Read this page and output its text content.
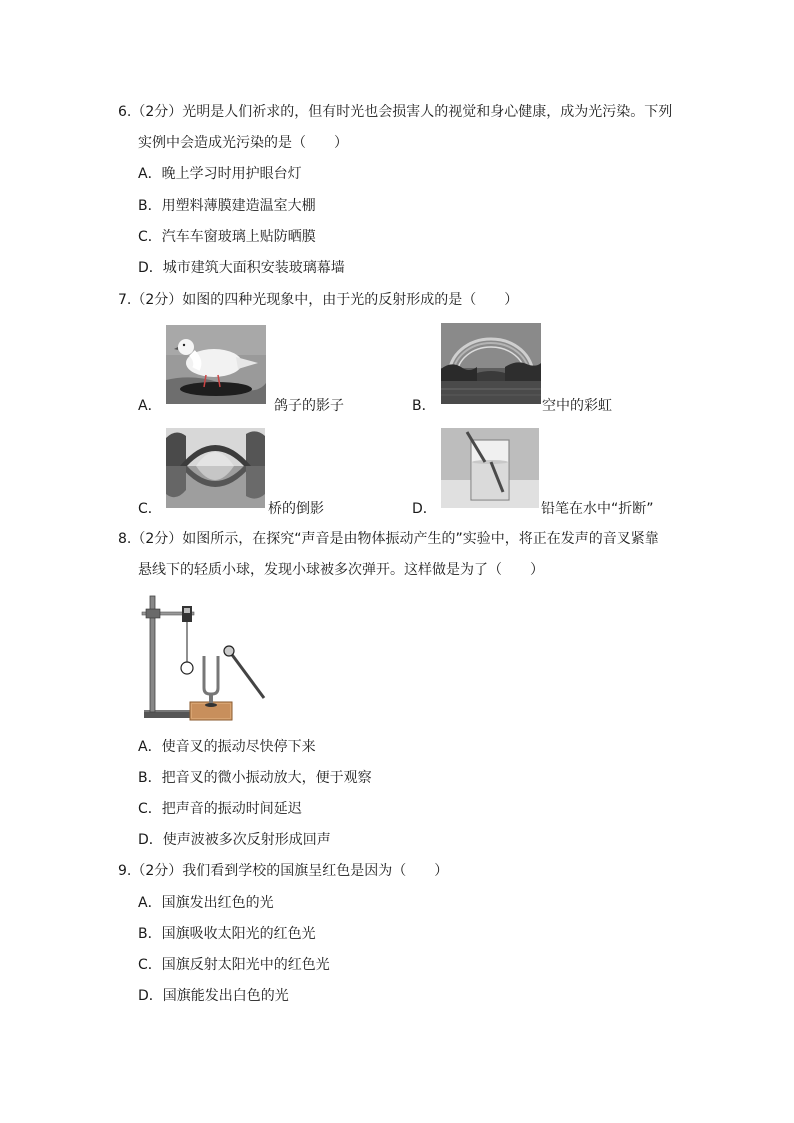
6.（2分）光明是人们祈求的，但有时光也会损害人的视觉和身心健康，成为光污染。下列
实例中会造成光污染的是（　　）
A．晚上学习时用护眼台灯
B．用塑料薄膜建造温室大棚
C．汽车车窗玻璃上贴防晒膜
D．城市建筑大面积安装玻璃幕墙
7.（2分）如图的四种光现象中，由于光的反射形成的是（　　）
A．	鸽子的影子	B．	空中的彩虹
C．	桥的倒影	D．	铅笔在水中“折断”
8.（2分）如图所示，在探究“声音是由物体振动产生的”实验中，将正在发声的音叉紧靠
悬线下的轻质小球，发现小球被多次弹开。这样做是为了（　　）
A．使音叉的振动尽快停下来
B．把音叉的微小振动放大，便于观察
C．把声音的振动时间延迟
D．使声波被多次反射形成回声
9.（2分）我们看到学校的国旗呈红色是因为（　　）
A．国旗发出红色的光
B．国旗吸收太阳光的红色光
C．国旗反射太阳光中的红色光
D．国旗能发出白色的光
